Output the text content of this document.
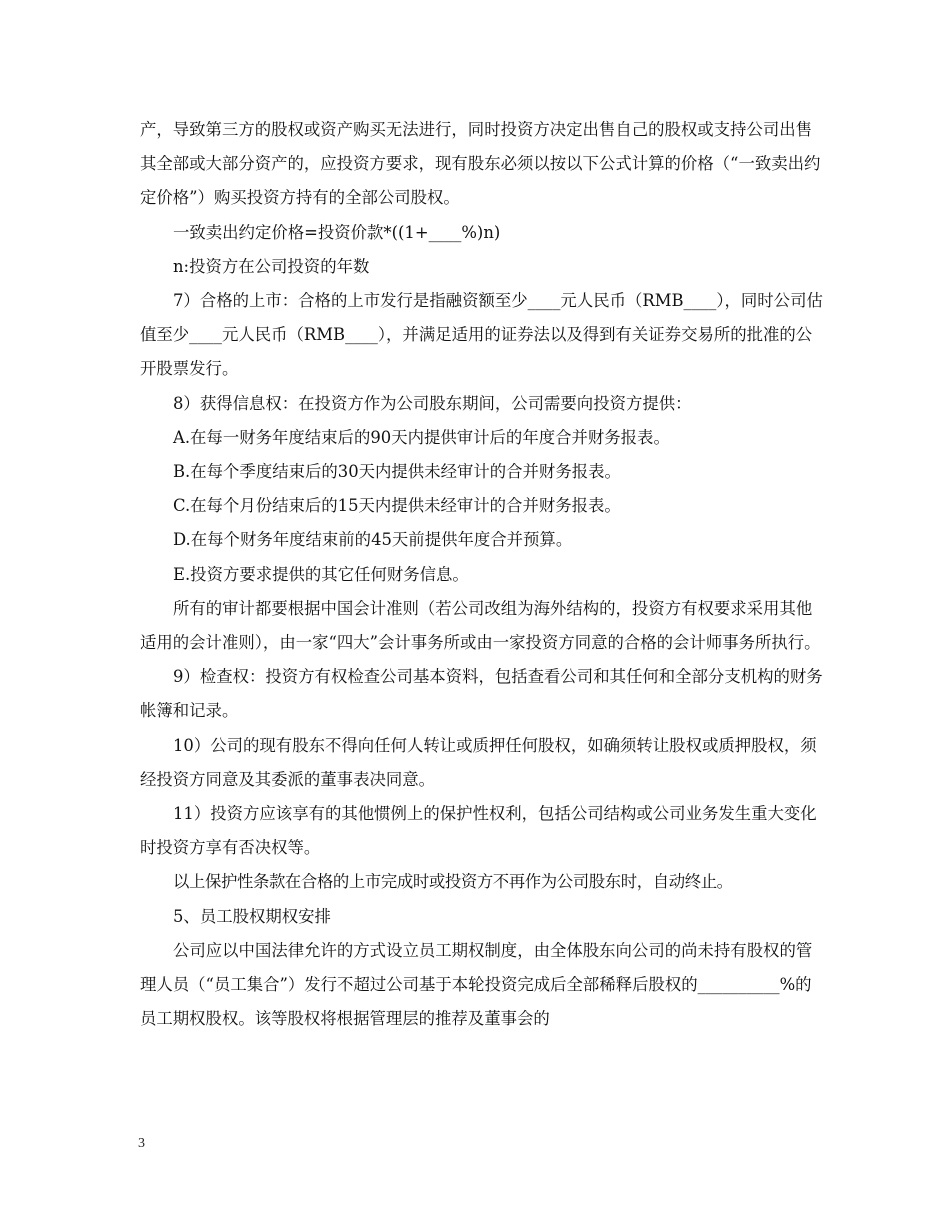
产，导致第三方的股权或资产购买无法进行，同时投资方决定出售自己的股权或支持公司出售其全部或大部分资产的，应投资方要求，现有股东必须以按以下公式计算的价格（“一致卖出约定价格”）购买投资方持有的全部公司股权。

一致卖出约定价格=投资价款*((1+____%)n)

n:投资方在公司投资的年数

7）合格的上市：合格的上市发行是指融资额至少____元人民币（RMB____），同时公司估值至少____元人民币（RMB____），并满足适用的证券法以及得到有关证券交易所的批准的公开股票发行。

8）获得信息权：在投资方作为公司股东期间，公司需要向投资方提供：

A.在每一财务年度结束后的90天内提供审计后的年度合并财务报表。

B.在每个季度结束后的30天内提供未经审计的合并财务报表。

C.在每个月份结束后的15天内提供未经审计的合并财务报表。

D.在每个财务年度结束前的45天前提供年度合并预算。

E.投资方要求提供的其它任何财务信息。

所有的审计都要根据中国会计准则（若公司改组为海外结构的，投资方有权要求采用其他适用的会计准则），由一家“四大”会计事务所或由一家投资方同意的合格的会计师事务所执行。

9）检查权：投资方有权检查公司基本资料，包括查看公司和其任何和全部分支机构的财务帐簿和记录。

10）公司的现有股东不得向任何人转让或质押任何股权，如确须转让股权或质押股权，须经投资方同意及其委派的董事表决同意。

11）投资方应该享有的其他惯例上的保护性权利，包括公司结构或公司业务发生重大变化时投资方享有否决权等。

以上保护性条款在合格的上市完成时或投资方不再作为公司股东时，自动终止。

5、员工股权期权安排

公司应以中国法律允许的方式设立员工期权制度，由全体股东向公司的尚未持有股权的管理人员（“员工集合”）发行不超过公司基于本轮投资完成后全部稀释后股权的__________%的员工期权股权。该等股权将根据管理层的推荐及董事会的

3
